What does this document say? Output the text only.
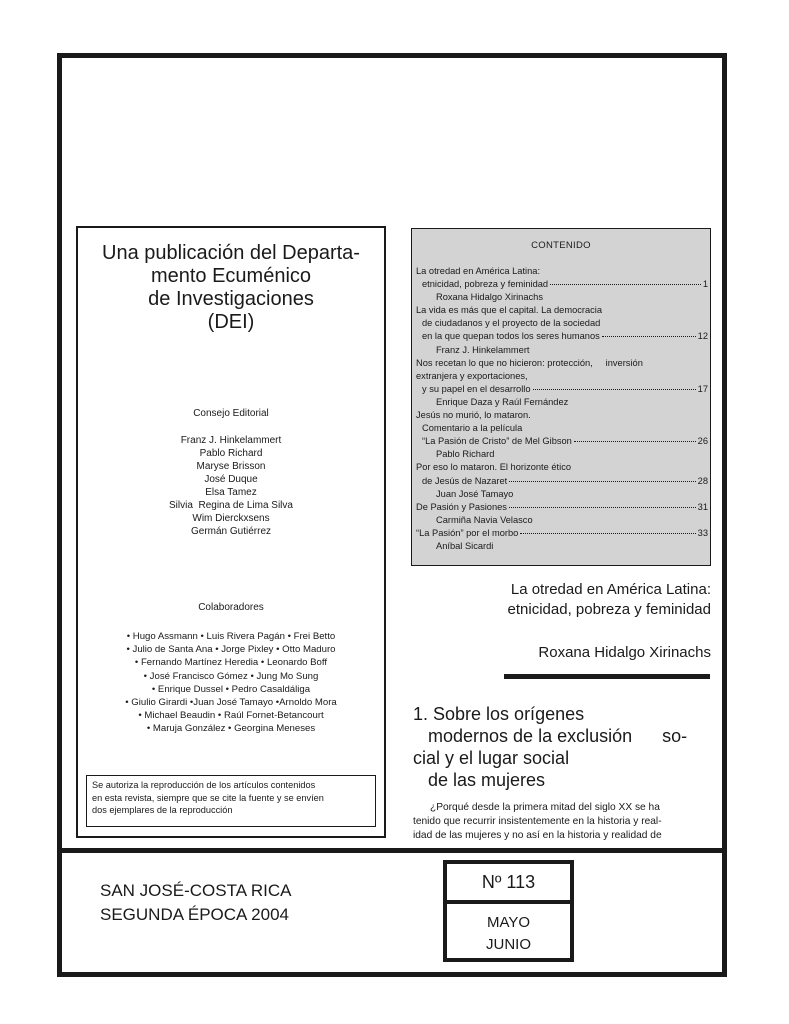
Una publicación del Departa-
mento Ecuménico
de Investigaciones
(DEI)
Consejo Editorial
Franz J. Hinkelammert
Pablo Richard
Maryse Brisson
José Duque
Elsa Tamez
Silvia  Regina de Lima Silva
Wim Dierckxsens
Germán Gutiérrez
Colaboradores
• Hugo Assmann • Luis Rivera Pagán • Frei Betto
• Julio de Santa Ana • Jorge Pixley • Otto Maduro
• Fernando Martínez Heredia • Leonardo Boff
• José Francisco Gómez • Jung Mo Sung
• Enrique Dussel • Pedro Casaldáliga
• Giulio Girardi •Juan José Tamayo •Arnoldo Mora
• Michael Beaudin • Raúl Fornet-Betancourt
• Maruja González • Georgina Meneses
Se autoriza la reproducción de los artículos contenidos
en esta revista, siempre que se cite la fuente y se envíen
dos ejemplares de la reproducción
CONTENIDO
La otredad en América Latina:
etnicidad, pobreza y feminidad	1
Roxana Hidalgo Xirinachs
La vida es más que el capital. La democracia
de ciudadanos y el proyecto de la sociedad
en la que quepan todos los seres humanos	12
Franz J. Hinkelammert
Nos recetan lo que no hicieron: protección,     inversión
extranjera y exportaciones,
y su papel en el desarrollo	17
Enrique Daza y Raúl Fernández
Jesús no murió, lo mataron.
Comentario a la película
“La Pasión de Cristo” de Mel Gibson	26
Pablo Richard
Por eso lo mataron. El horizonte ético
de Jesús de Nazaret	28
Juan José Tamayo
De Pasión y Pasiones	31
Carmiña Navia Velasco
“La Pasión” por el morbo	33
Aníbal Sicardi
La otredad en América Latina:
etnicidad, pobreza y feminidad
Roxana Hidalgo Xirinachs
1. Sobre los orígenes
modernos de la exclusión      so-
cial y el lugar social
de las mujeres
¿Porqué desde la primera mitad del siglo XX se ha
tenido que recurrir insistentemente en la historia y real-
idad de las mujeres y no así en la historia y realidad de
SAN JOSÉ-COSTA RICA
SEGUNDA ÉPOCA 2004
Nº 113
MAYO
JUNIO
